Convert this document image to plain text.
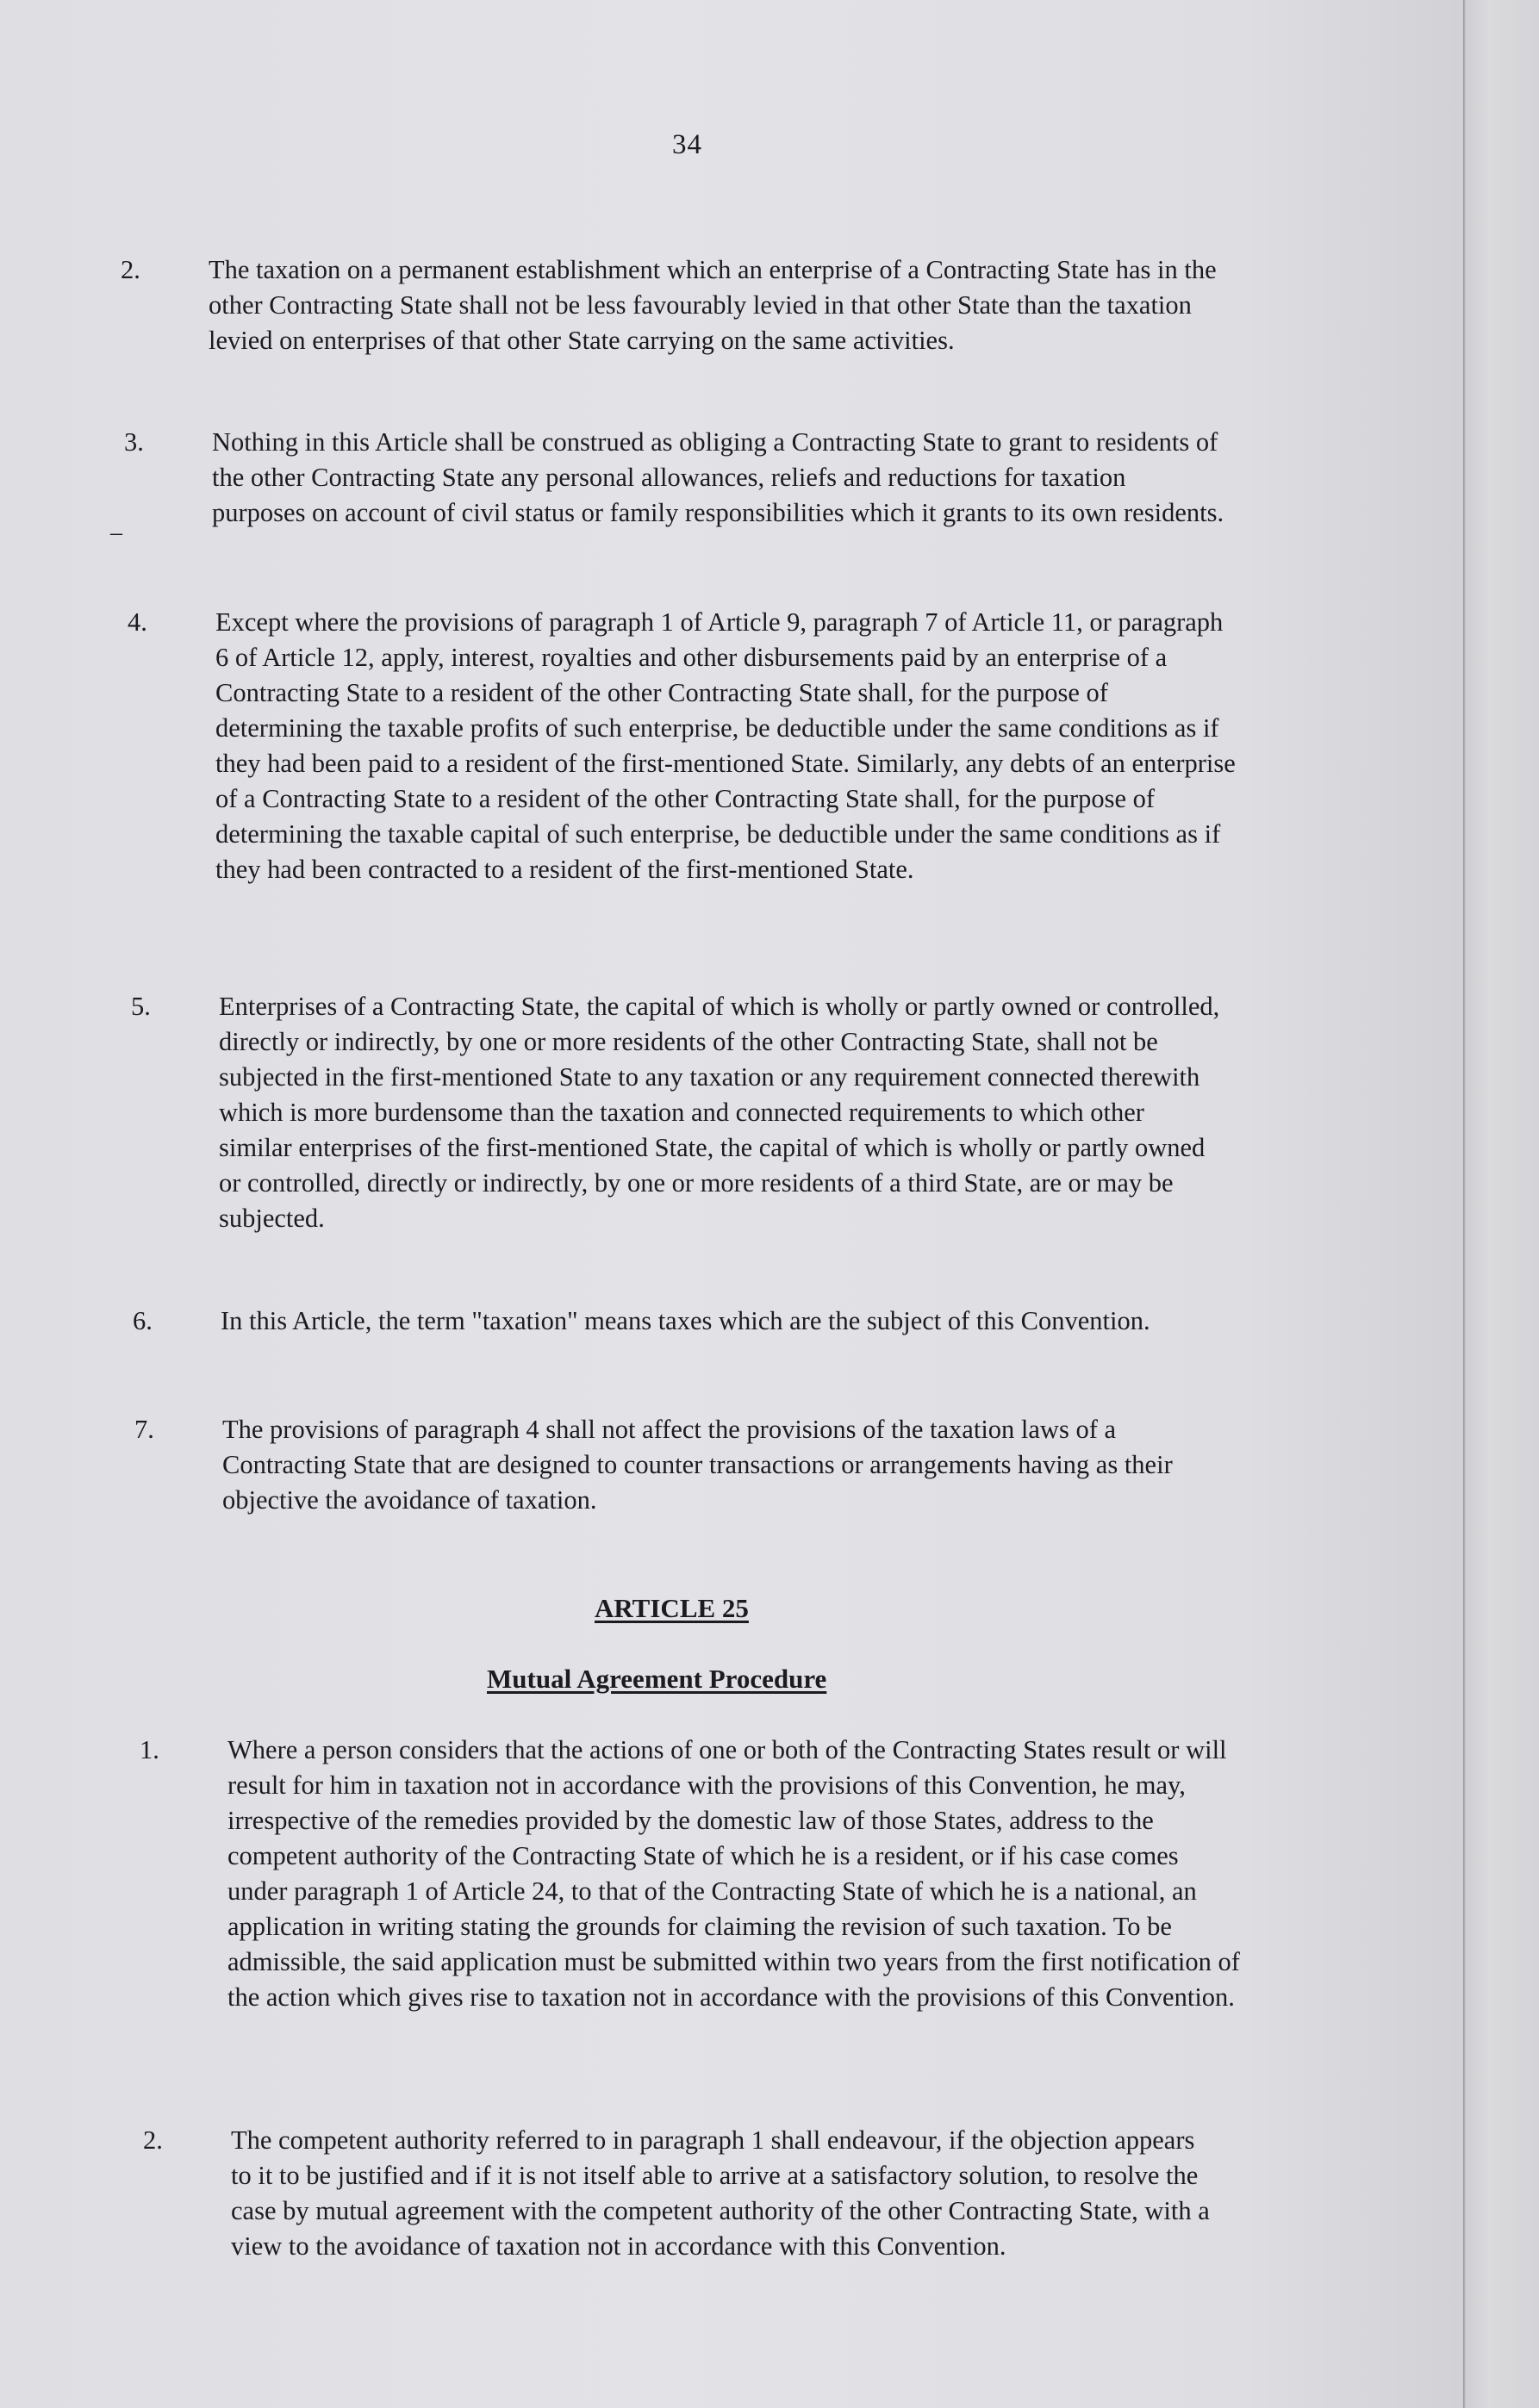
34
2.	The taxation on a permanent establishment which an enterprise of a Contracting State has in the other Contracting State shall not be less favourably levied in that other State than the taxation levied on enterprises of that other State carrying on the same activities.
3.	Nothing in this Article shall be construed as obliging a Contracting State to grant to residents of the other Contracting State any personal allowances, reliefs and reductions for taxation purposes on account of civil status or family responsibilities which it grants to its own residents.
–
4.	Except where the provisions of paragraph 1 of Article 9, paragraph 7 of Article 11, or paragraph 6 of Article 12, apply, interest, royalties and other disbursements paid by an enterprise of a Contracting State to a resident of the other Contracting State shall, for the purpose of determining the taxable profits of such enterprise, be deductible under the same conditions as if they had been paid to a resident of the first-mentioned State. Similarly, any debts of an enterprise of a Contracting State to a resident of the other Contracting State shall, for the purpose of determining the taxable capital of such enterprise, be deductible under the same conditions as if they had been contracted to a resident of the first-mentioned State.
5.	Enterprises of a Contracting State, the capital of which is wholly or partly owned or controlled, directly or indirectly, by one or more residents of the other Contracting State, shall not be subjected in the first-mentioned State to any taxation or any requirement connected therewith which is more burdensome than the taxation and connected requirements to which other similar enterprises of the first-mentioned State, the capital of which is wholly or partly owned or controlled, directly or indirectly, by one or more residents of a third State, are or may be subjected.
6.	In this Article, the term "taxation" means taxes which are the subject of this Convention.
7.	The provisions of paragraph 4 shall not affect the provisions of the taxation laws of a Contracting State that are designed to counter transactions or arrangements having as their objective the avoidance of taxation.
ARTICLE 25
Mutual Agreement Procedure
1.	Where a person considers that the actions of one or both of the Contracting States result or will result for him in taxation not in accordance with the provisions of this Convention, he may, irrespective of the remedies provided by the domestic law of those States, address to the competent authority of the Contracting State of which he is a resident, or if his case comes under paragraph 1 of Article 24, to that of the Contracting State of which he is a national, an application in writing stating the grounds for claiming the revision of such taxation. To be admissible, the said application must be submitted within two years from the first notification of the action which gives rise to taxation not in accordance with the provisions of this Convention.
2.	The competent authority referred to in paragraph 1 shall endeavour, if the objection appears to it to be justified and if it is not itself able to arrive at a satisfactory solution, to resolve the case by mutual agreement with the competent authority of the other Contracting State, with a view to the avoidance of taxation not in accordance with this Convention.
